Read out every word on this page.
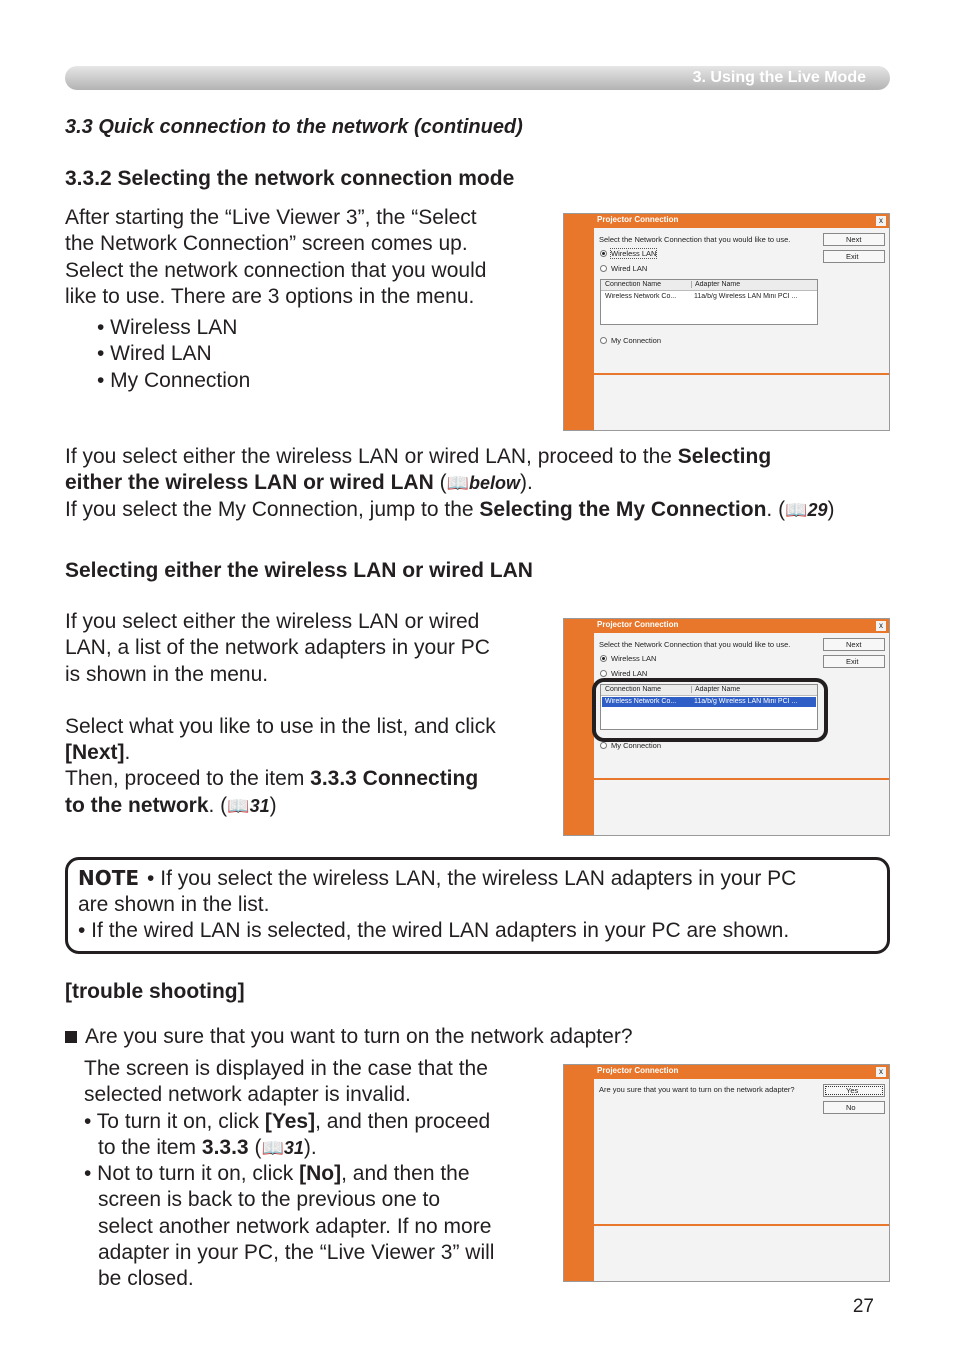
3. Using the Live Mode
3.3 Quick connection to the network (continued)
3.3.2 Selecting the network connection mode
After starting the “Live Viewer 3”, the “Select
the Network Connection” screen comes up.
Select the network connection that you would
like to use. There are 3 options in the menu.
• Wireless LAN
• Wired LAN
• My Connection
Projector Connection	x
Select the Network Connection that you would like to use.
Wireless LAN
Wired LAN
Connection Name	Adapter Name
Wireless Network Co...	11a/b/g Wireless LAN Mini PCI ...
My Connection
Next
Exit
If you select either the wireless LAN or wired LAN, proceed to the Selecting
either the wireless LAN or wired LAN (📖below).
If you select the My Connection, jump to the Selecting the My Connection. (📖29)
Selecting either the wireless LAN or wired LAN
If you select either the wireless LAN or wired
LAN, a list of the network adapters in your PC
is shown in the menu.
Select what you like to use in the list, and click
[Next].
Then, proceed to the item 3.3.3 Connecting
to the network. (📖31)
Projector Connection	x
Select the Network Connection that you would like to use.
Wireless LAN
Wired LAN
Connection Name	Adapter Name
Wireless Network Co...	11a/b/g Wireless LAN Mini PCI ...
My Connection
Next
Exit
NOTE • If you select the wireless LAN, the wireless LAN adapters in your PC
are shown in the list.
• If the wired LAN is selected, the wired LAN adapters in your PC are shown.
[trouble shooting]
Are you sure that you want to turn on the network adapter?
The screen is displayed in the case that the
selected network adapter is invalid.
• To turn it on, click [Yes], and then proceed
to the item 3.3.3 (📖31).
• Not to turn it on, click [No], and then the
screen is back to the previous one to
select another network adapter. If no more
adapter in your PC, the “Live Viewer 3” will
be closed.
Projector Connection	x
Are you sure that you want to turn on the network adapter?	Yes
No
27
